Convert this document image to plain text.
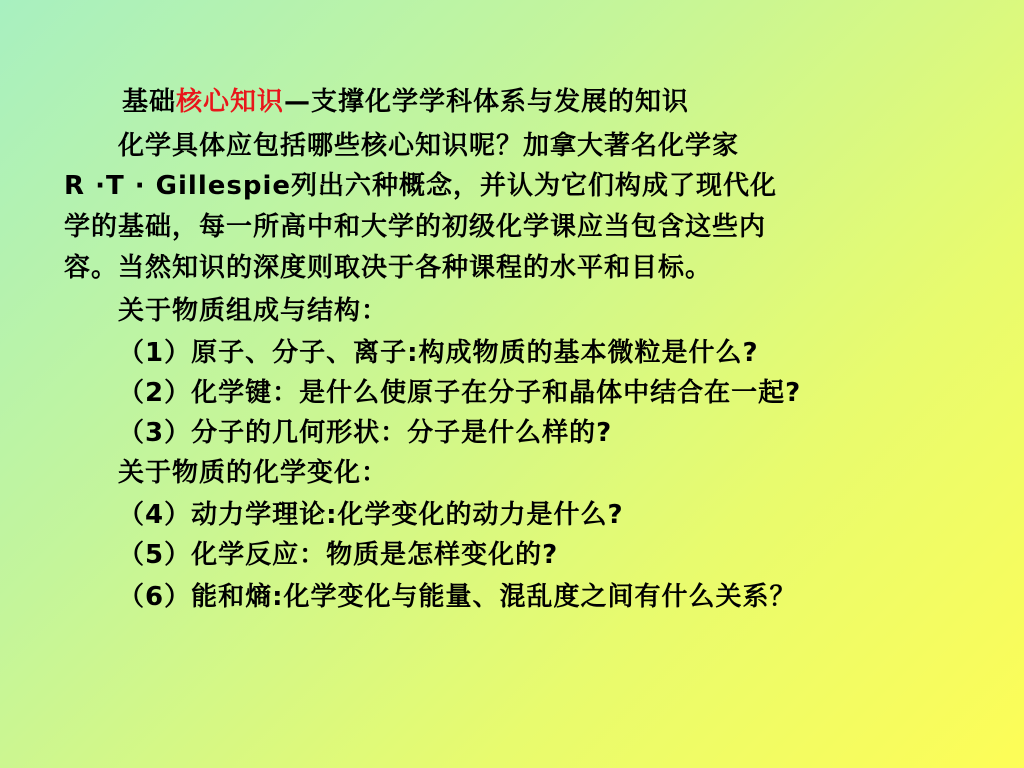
基础核心知识—支撑化学学科体系与发展的知识
化学具体应包括哪些核心知识呢？加拿大著名化学家
R ·T · Gillespie列出六种概念，并认为它们构成了现代化
学的基础，每一所高中和大学的初级化学课应当包含这些内
容。当然知识的深度则取决于各种课程的水平和目标。
关于物质组成与结构：
（1）原子、分子、离子:构成物质的基本微粒是什么?
（2）化学键：是什么使原子在分子和晶体中结合在一起?
（3）分子的几何形状：分子是什么样的?
关于物质的化学变化：
（4）动力学理论:化学变化的动力是什么?
（5）化学反应：物质是怎样变化的?
（6）能和熵:化学变化与能量、混乱度之间有什么关系？
